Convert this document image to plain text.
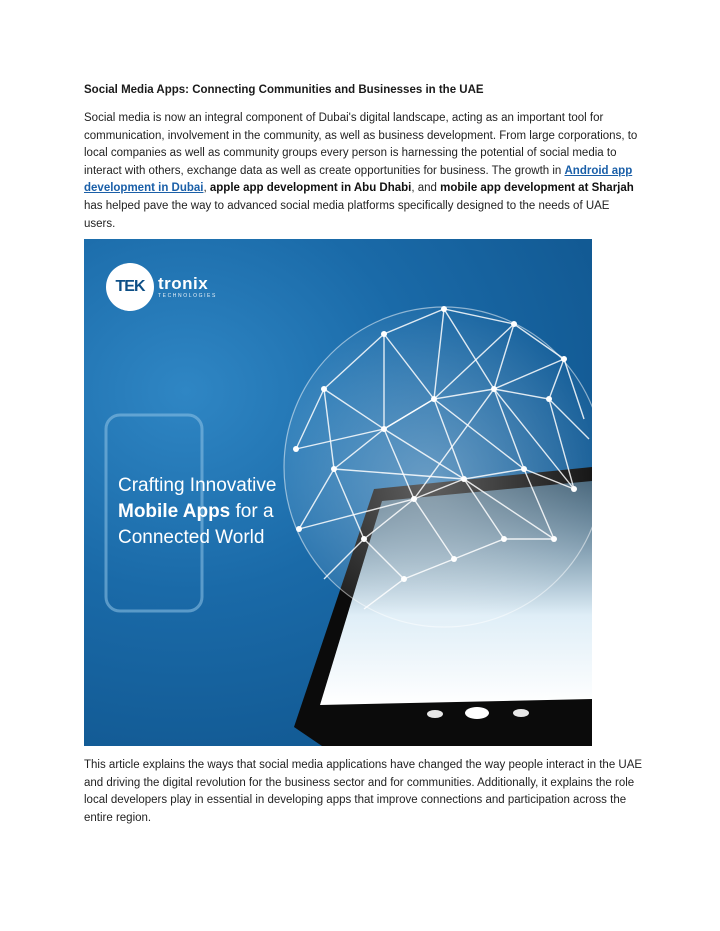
Social Media Apps: Connecting Communities and Businesses in the UAE
Social media is now an integral component of Dubai's digital landscape, acting as an important tool for communication, involvement in the community, as well as business development. From large corporations, to local companies as well as community groups every person is harnessing the potential of social media to interact with others, exchange data as well as create opportunities for business. The growth in Android app development in Dubai, apple app development in Abu Dhabi, and mobile app development at Sharjah has helped pave the way to advanced social media platforms specifically designed to the needs of UAE users.
TEK tronix
TECHNOLOGIES
Crafting Innovative
Mobile Apps for a
Connected World
This article explains the ways that social media applications have changed the way people interact in the UAE and driving the digital revolution for the business sector and for communities. Additionally, it explains the role local developers play in essential in developing apps that improve connections and participation across the entire region.
